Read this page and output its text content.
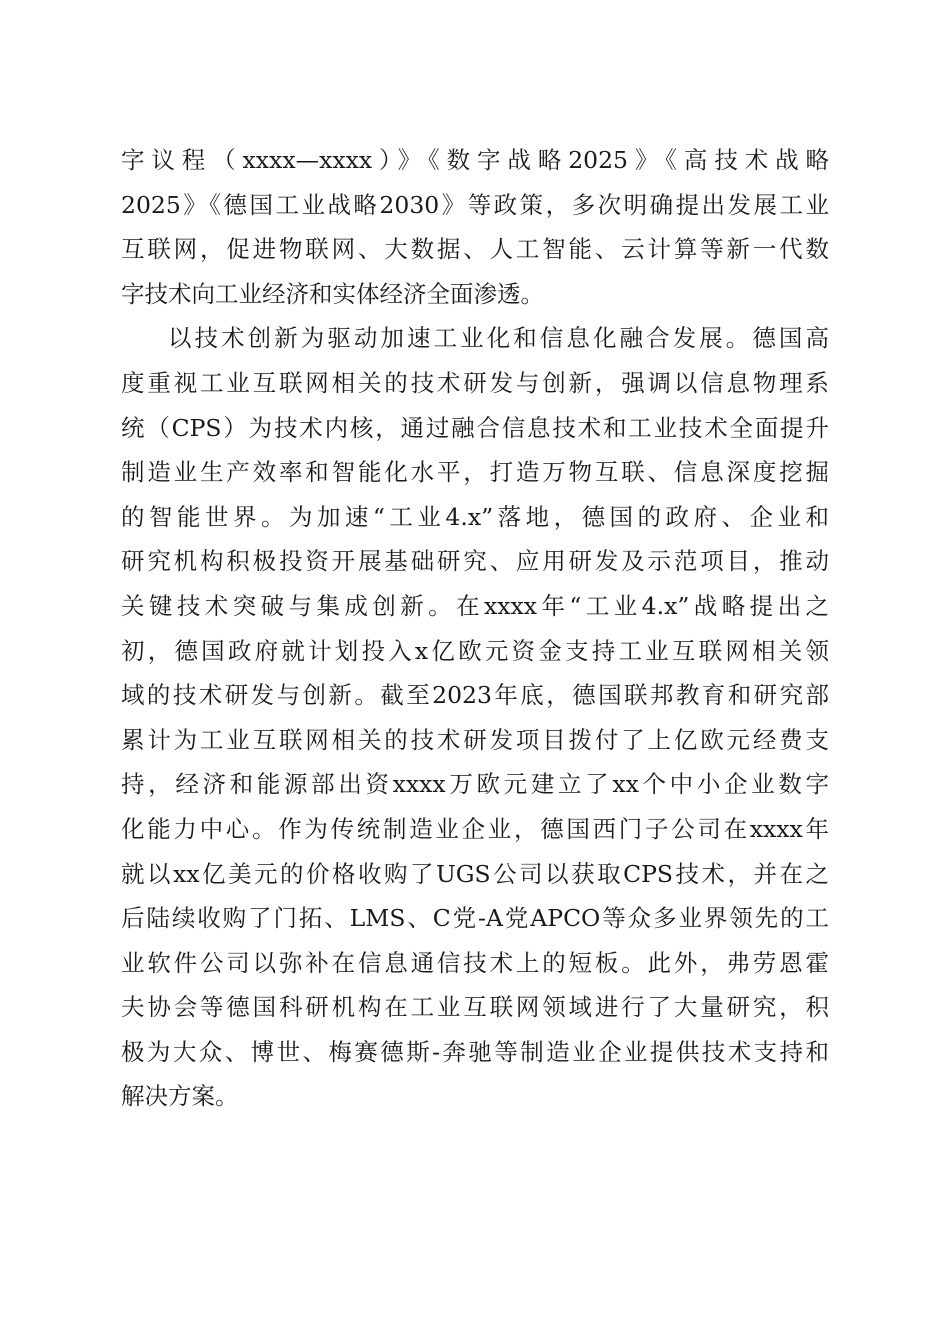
字议程（xxxx—xxxx）》《数字战略2025》《高技术战略
2025》《德国工业战略2030》等政策，多次明确提出发展工业
互联网，促进物联网、大数据、人工智能、云计算等新一代数
字技术向工业经济和实体经济全面渗透。
以技术创新为驱动加速工业化和信息化融合发展。德国高
度重视工业互联网相关的技术研发与创新，强调以信息物理系
统（CPS）为技术内核，通过融合信息技术和工业技术全面提升
制造业生产效率和智能化水平，打造万物互联、信息深度挖掘
的智能世界。为加速“工业4.x”落地，德国的政府、企业和
研究机构积极投资开展基础研究、应用研发及示范项目，推动
关键技术突破与集成创新。在xxxx年“工业4.x”战略提出之
初，德国政府就计划投入x亿欧元资金支持工业互联网相关领
域的技术研发与创新。截至2023年底，德国联邦教育和研究部
累计为工业互联网相关的技术研发项目拨付了上亿欧元经费支
持，经济和能源部出资xxxx万欧元建立了xx个中小企业数字
化能力中心。作为传统制造业企业，德国西门子公司在xxxx年
就以xx亿美元的价格收购了UGS公司以获取CPS技术，并在之
后陆续收购了门拓、LMS、C党-A党APCO等众多业界领先的工
业软件公司以弥补在信息通信技术上的短板。此外，弗劳恩霍
夫协会等德国科研机构在工业互联网领域进行了大量研究，积
极为大众、博世、梅赛德斯-奔驰等制造业企业提供技术支持和
解决方案。
